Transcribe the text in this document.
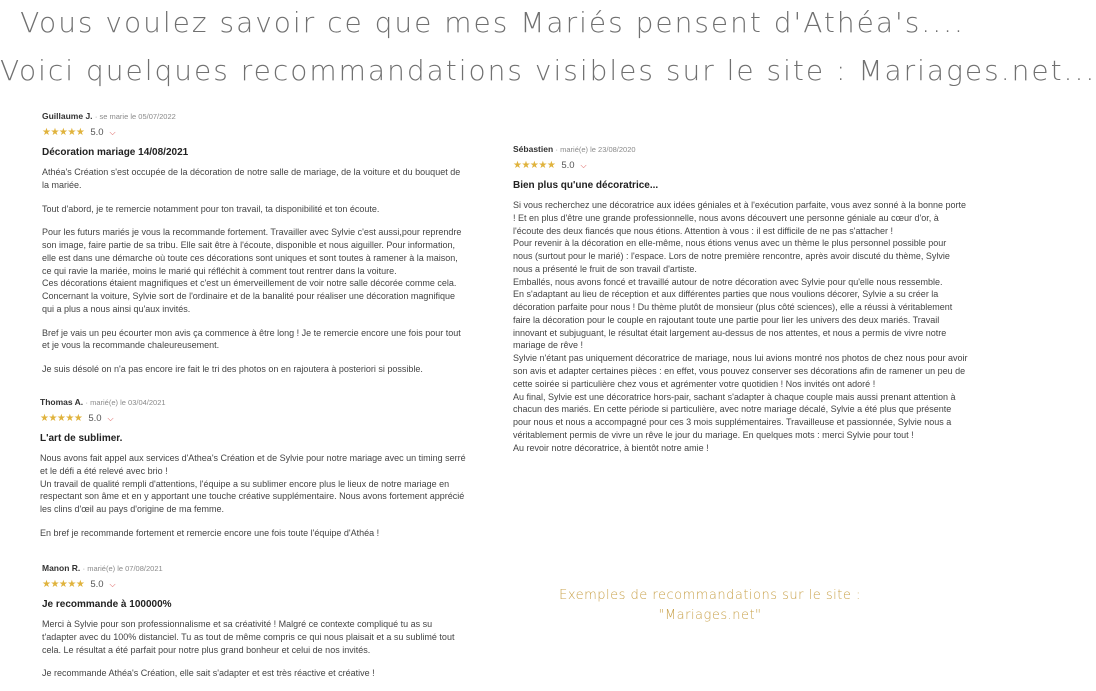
Vous voulez savoir ce que mes Mariés pensent d'Athéa's....
Voici quelques recommandations visibles sur le site : Mariages.net...
Guillaume J. · se marie le 05/07/2022
★★★★★ 5.0 ⌵
Décoration mariage 14/08/2021

Athéa's Création s'est occupée de la décoration de notre salle de mariage, de la voiture et du bouquet de la mariée.

Tout d'abord, je te remercie notamment pour ton travail, ta disponibilité et ton écoute.

Pour les futurs mariés je vous la recommande fortement. Travailler avec Sylvie c'est aussi,pour reprendre son image, faire partie de sa tribu. Elle sait être à l'écoute, disponible et nous aiguiller. Pour information, elle est dans une démarche où toute ces décorations sont uniques et sont toutes à ramener à la maison, ce qui ravie la mariée, moins le marié qui réfléchit à comment tout rentrer dans la voiture.

Ces décorations étaient magnifiques et c'est un émerveillement de voir notre salle décorée comme cela.

Concernant la voiture, Sylvie sort de l'ordinaire et de la banalité pour réaliser une décoration magnifique qui a plus a nous ainsi qu'aux invités.

Bref je vais un peu écourter mon avis ça commence à être long ! Je te remercie encore une fois pour tout et je vous la recommande chaleureusement.

Je suis désolé on n'a pas encore ire fait le tri des photos on en rajoutera à posteriori si possible.

Thomas A. · marié(e) le 03/04/2021
★★★★★ 5.0 ⌵
L'art de sublimer.

Nous avons fait appel aux services d'Athea's Création et de Sylvie pour notre mariage avec un timing serré et le défi a été relevé avec brio !

Un travail de qualité rempli d'attentions, l'équipe a su sublimer encore plus le lieux de notre mariage en respectant son âme et en y apportant une touche créative supplémentaire. Nous avons fortement apprécié les clins d'œil au pays d'origine de ma femme.

En bref je recommande fortement et remercie encore une fois toute l'équipe d'Athéa !

Manon R. · marié(e) le 07/08/2021
★★★★★ 5.0 ⌵
Je recommande à 100000%

Merci à Sylvie pour son professionnalisme et sa créativité ! Malgré ce contexte compliqué tu as su t'adapter avec du 100% distanciel. Tu as tout de même compris ce qui nous plaisait et a su sublimé tout cela. Le résultat a été parfait pour notre plus grand bonheur et celui de nos invités.

Je recommande Athéa's Création, elle sait s'adapter et est très réactive et créative !

Sébastien · marié(e) le 23/08/2020
★★★★★ 5.0 ⌵
Bien plus qu'une décoratrice...

Si vous recherchez une décoratrice aux idées géniales et à l'exécution parfaite, vous avez sonné à la bonne porte ! Et en plus d'être une grande professionnelle, nous avons découvert une personne géniale au cœur d'or, à l'écoute des deux fiancés que nous étions. Attention à vous : il est difficile de ne pas s'attacher !

Pour revenir à la décoration en elle-même, nous étions venus avec un thème le plus personnel possible pour nous (surtout pour le marié) : l'espace. Lors de notre première rencontre, après avoir discuté du thème, Sylvie nous a présenté le fruit de son travail d'artiste.

Emballés, nous avons foncé et travaillé autour de notre décoration avec Sylvie pour qu'elle nous ressemble.

En s'adaptant au lieu de réception et aux différentes parties que nous voulions décorer, Sylvie a su créer la décoration parfaite pour nous ! Du thème plutôt de monsieur (plus côté sciences), elle a réussi à véritablement faire la décoration pour le couple en rajoutant toute une partie pour lier les univers des deux mariés. Travail innovant et subjuguant, le résultat était largement au-dessus de nos attentes, et nous a permis de vivre notre mariage de rêve !

Sylvie n'étant pas uniquement décoratrice de mariage, nous lui avions montré nos photos de chez nous pour avoir son avis et adapter certaines pièces : en effet, vous pouvez conserver ses décorations afin de ramener un peu de cette soirée si particulière chez vous et agrémenter votre quotidien ! Nos invités ont adoré !

Au final, Sylvie est une décoratrice hors-pair, sachant s'adapter à chaque couple mais aussi prenant attention à chacun des mariés. En cette période si particulière, avec notre mariage décalé, Sylvie a été plus que présente pour nous et nous a accompagné pour ces 3 mois supplémentaires. Travailleuse et passionnée, Sylvie nous a véritablement permis de vivre un rêve le jour du mariage. En quelques mots : merci Sylvie pour tout !

Au revoir notre décoratrice, à bientôt notre amie !

Exemples de recommandations sur le site :
"Mariages.net"
